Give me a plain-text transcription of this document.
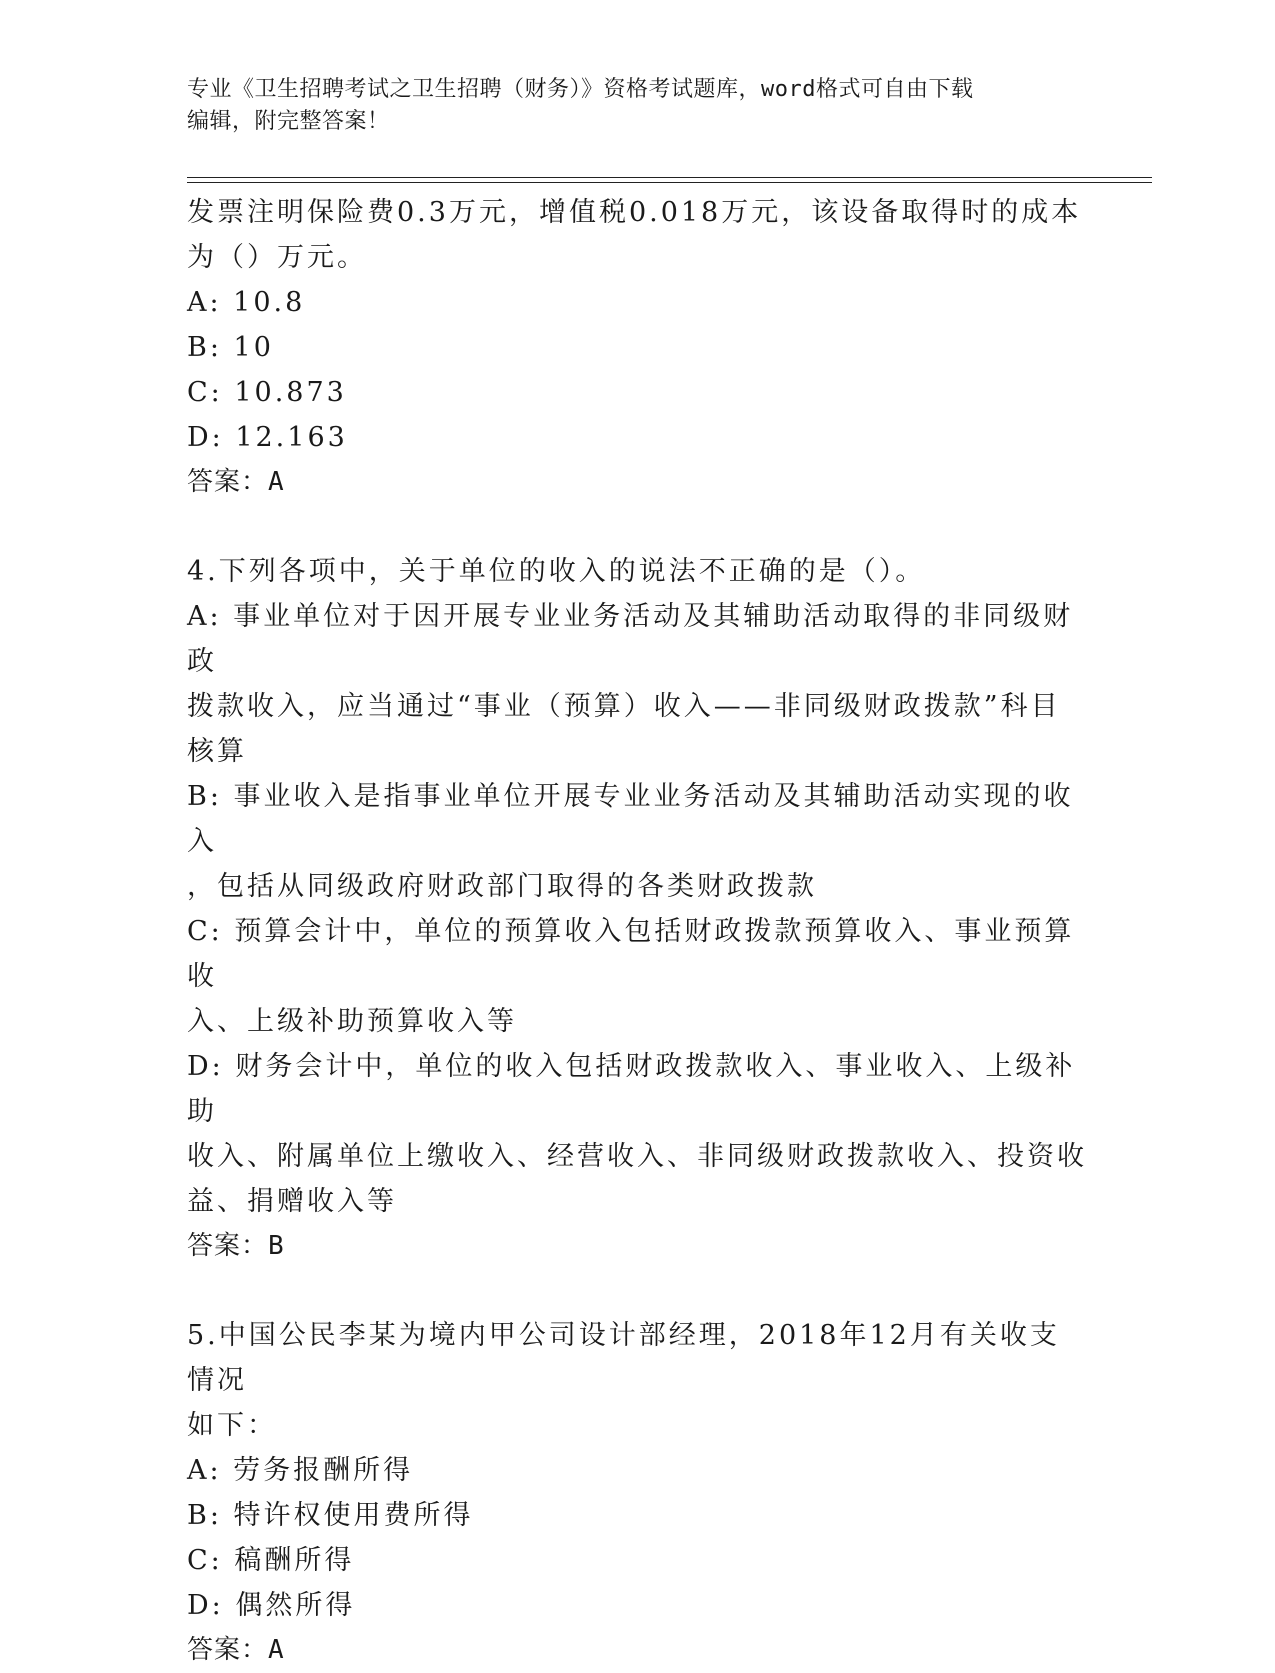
专业《卫生招聘考试之卫生招聘（财务）》资格考试题库，word格式可自由下载

编辑，附完整答案！

发票注明保险费0.3万元，增值税0.018万元，该设备取得时的成本

为（）万元。

A: 10.8

B: 10

C: 10.873

D: 12.163

答案：A

4.下列各项中，关于单位的收入的说法不正确的是（）。

A: 事业单位对于因开展专业业务活动及其辅助活动取得的非同级财政

拨款收入，应当通过“事业（预算）收入——非同级财政拨款”科目

核算

B: 事业收入是指事业单位开展专业业务活动及其辅助活动实现的收入

，包括从同级政府财政部门取得的各类财政拨款

C: 预算会计中，单位的预算收入包括财政拨款预算收入、事业预算收

入、上级补助预算收入等

D: 财务会计中，单位的收入包括财政拨款收入、事业收入、上级补助

收入、附属单位上缴收入、经营收入、非同级财政拨款收入、投资收

益、捐赠收入等

答案：B

5.中国公民李某为境内甲公司设计部经理，2018年12月有关收支情况

如下：

A: 劳务报酬所得

B: 特许权使用费所得

C: 稿酬所得

D: 偶然所得

答案：A
